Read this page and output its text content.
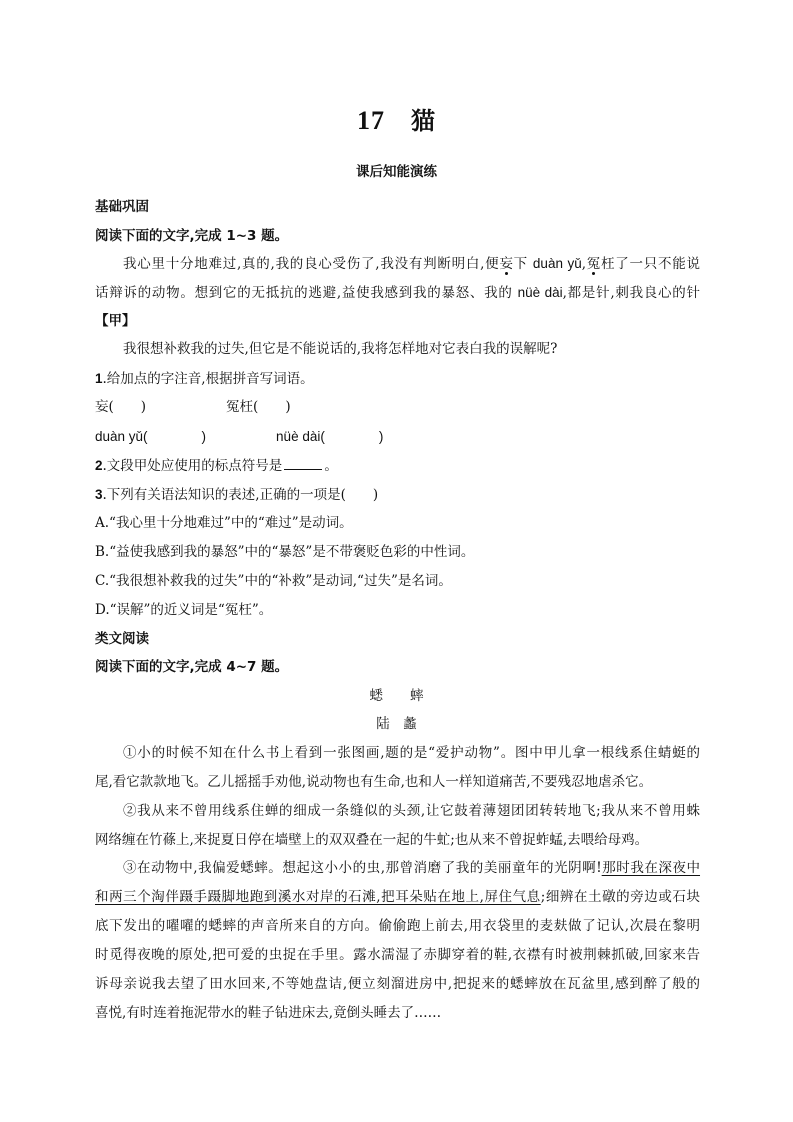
17 猫
课后知能演练
基础巩固
阅读下面的文字,完成 1~3 题。
我心里十分地难过,真的,我的良心受伤了,我没有判断明白,便妄下 duàn yǔ,冤枉了一只不能说
话辩诉的动物。想到它的无抵抗的逃避,益使我感到我的暴怒、我的 nüè dài,都是针,刺我良心的针
【甲】
我很想补救我的过失,但它是不能说话的,我将怎样地对它表白我的误解呢?
1.给加点的字注音,根据拼音写词语。
妄(　　)	冤枉(　　)
duàn yǔ(　　　　)	nüè dài(　　　　)
2.文段甲处应使用的标点符号是	。
3.下列有关语法知识的表述,正确的一项是(　　)
A.“我心里十分地难过”中的“难过”是动词。
B.“益使我感到我的暴怒”中的“暴怒”是不带褒贬色彩的中性词。
C.“我很想补救我的过失”中的“补救”是动词,“过失”是名词。
D.“误解”的近义词是“冤枉”。
类文阅读
阅读下面的文字,完成 4~7 题。
蟋　　蟀
陆　蠡
①小的时候不知在什么书上看到一张图画,题的是“爱护动物”。图中甲儿拿一根线系住蜻蜓的
尾,看它款款地飞。乙儿摇摇手劝他,说动物也有生命,也和人一样知道痛苦,不要残忍地虐杀它。
②我从来不曾用线系住蝉的细成一条缝似的头颈,让它鼓着薄翅团团转转地飞;我从来不曾用蛛
网络缠在竹蓧上,来捉夏日停在墙壁上的双双叠在一起的牛虻;也从来不曾捉蚱蜢,去喂给母鸡。
③在动物中,我偏爱蟋蟀。想起这小小的虫,那曾消磨了我的美丽童年的光阴啊!那时我在深夜中
和两三个淘伴蹑手蹑脚地跑到溪水对岸的石滩,把耳朵贴在地上,屏住气息;细辨在土礅的旁边或石块
底下发出的嚁嚁的蟋蟀的声音所来自的方向。偷偷跑上前去,用衣袋里的麦麸做了记认,次晨在黎明
时觅得夜晚的原处,把可爱的虫捉在手里。露水濡湿了赤脚穿着的鞋,衣襟有时被荆棘抓破,回家来告
诉母亲说我去望了田水回来,不等她盘诘,便立刻溜进房中,把捉来的蟋蟀放在瓦盆里,感到醉了般的
喜悦,有时连着拖泥带水的鞋子钻进床去,竟倒头睡去了……
